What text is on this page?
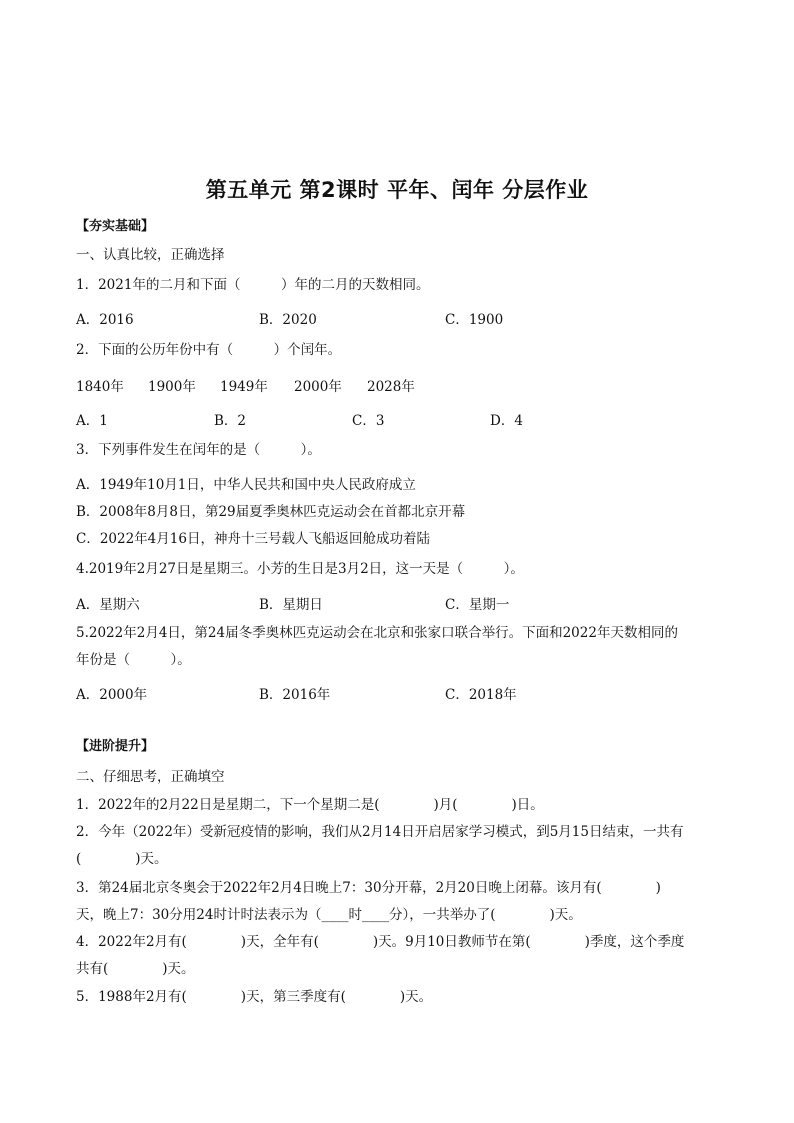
第五单元 第2课时 平年、闰年 分层作业
【夯实基础】
一、认真比较，正确选择
1．2021年的二月和下面（　　　）年的二月的天数相同。
A．2016	B．2020	C．1900
2．下面的公历年份中有（　　　）个闰年。
1840年 1900年 1949年 2000年 2028年
A．1	B．2	C．3	D．4
3．下列事件发生在闰年的是（　　　）。
A．1949年10月1日，中华人民共和国中央人民政府成立
B．2008年8月8日，第29届夏季奥林匹克运动会在首都北京开幕
C．2022年4月16日，神舟十三号载人飞船返回舱成功着陆
4.2019年2月27日是星期三。小芳的生日是3月2日，这一天是（　　　）。
A．星期六	B．星期日	C．星期一
5.2022年2月4日，第24届冬季奥林匹克运动会在北京和张家口联合举行。下面和2022年天数相同的
年份是（　　　）。
A．2000年	B．2016年	C．2018年
【进阶提升】
二、仔细思考，正确填空
1．2022年的2月22日是星期二，下一个星期二是(　　　　)月(　　　　)日。
2．今年（2022年）受新冠疫情的影响，我们从2月14日开启居家学习模式，到5月15日结束，一共有
(　　　　)天。
3．第24届北京冬奥会于2022年2月4日晚上7：30分开幕，2月20日晚上闭幕。该月有(　　　　)
天，晚上7：30分用24时计时法表示为（____时____分），一共举办了(　　　　)天。
4．2022年2月有(　　　　)天，全年有(　　　　)天。9月10日教师节在第(　　　　)季度，这个季度
共有(　　　　)天。
5．1988年2月有(　　　　)天，第三季度有(　　　　)天。
